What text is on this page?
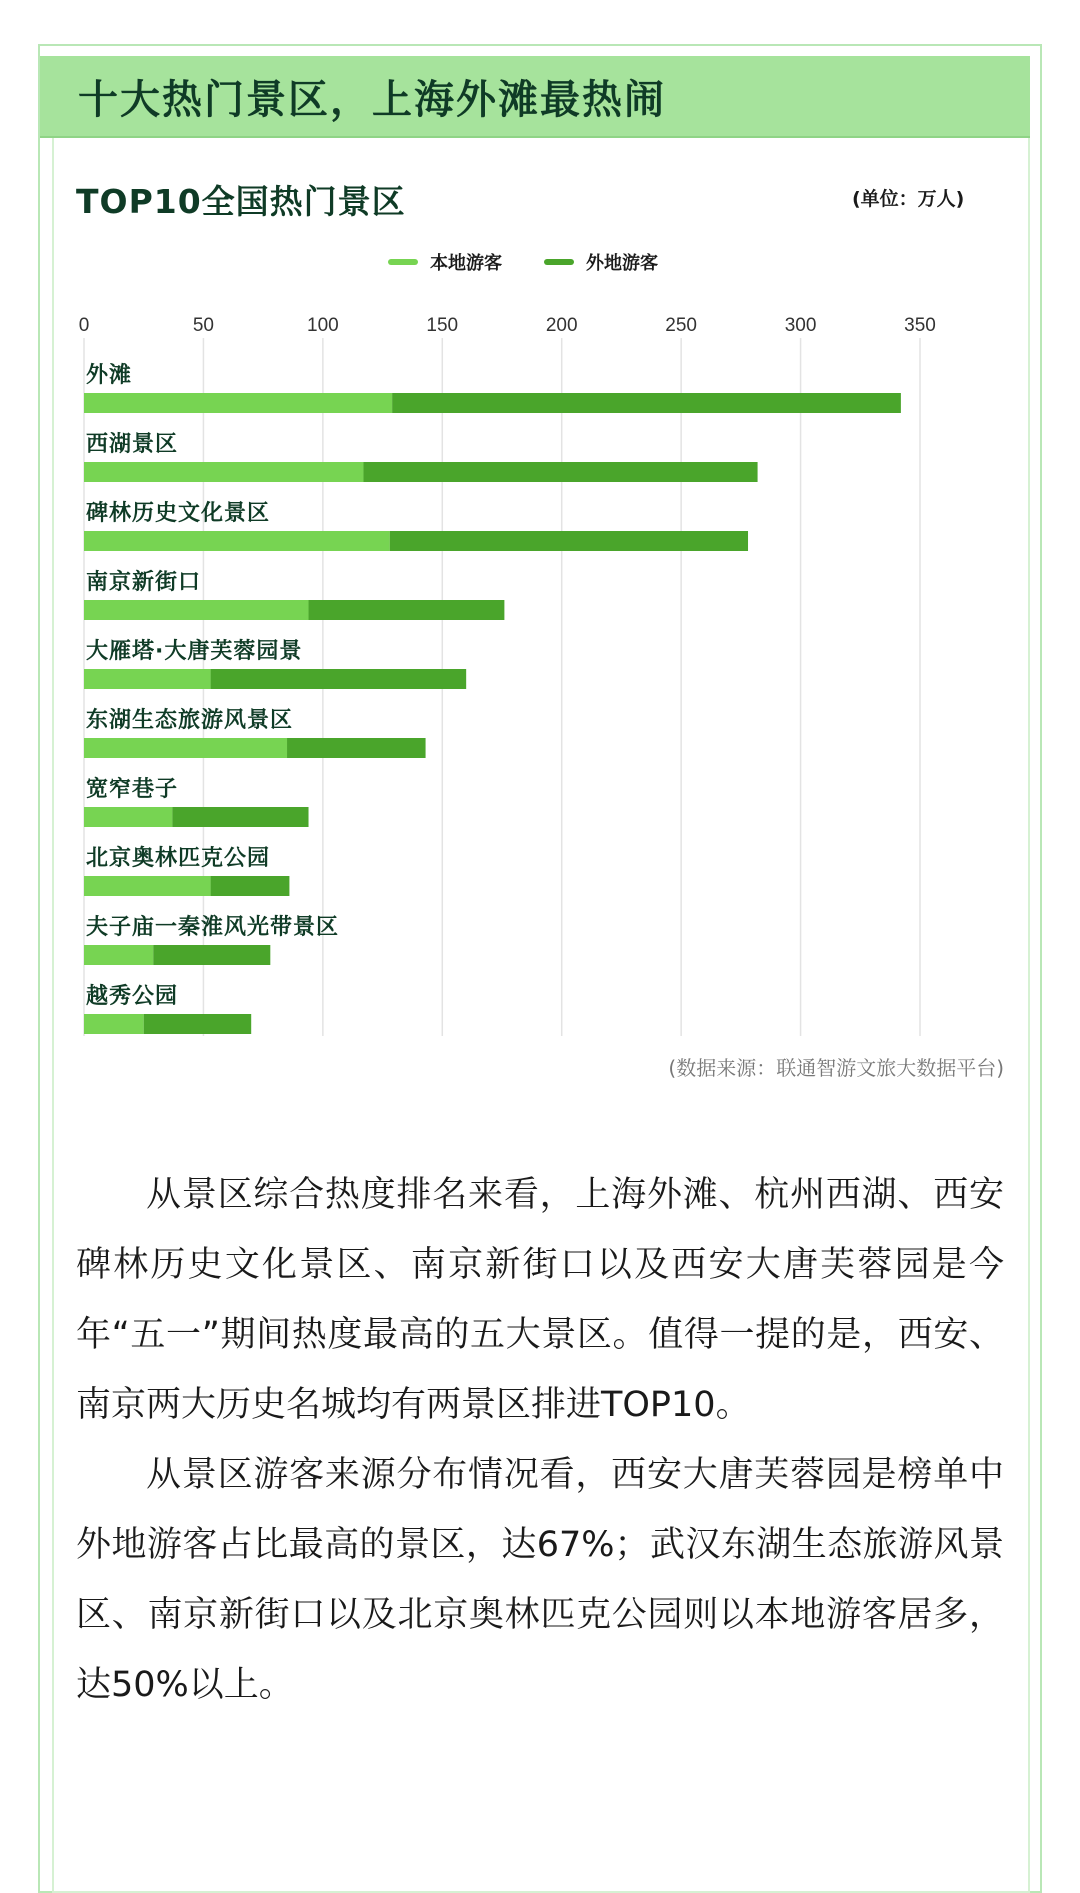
十大热门景区，上海外滩最热闹
TOP10全国热门景区	(单位：万人)
本地游客	外地游客
0	50	100	150	200	250	300	350
外滩
西湖景区
碑林历史文化景区
南京新街口
大雁塔·大唐芙蓉园景
东湖生态旅游风景区
宽窄巷子
北京奥林匹克公园
夫子庙一秦淮风光带景区
越秀公园
(数据来源：联通智游文旅大数据平台)

从景区综合热度排名来看，上海外滩、杭州西湖、西安碑林历史文化景区、南京新街口以及西安大唐芙蓉园是今年“五一”期间热度最高的五大景区。值得一提的是，西安、南京两大历史名城均有两景区排进TOP10。

从景区游客来源分布情况看，西安大唐芙蓉园是榜单中外地游客占比最高的景区，达67%；武汉东湖生态旅游风景区、南京新街口以及北京奥林匹克公园则以本地游客居多，达50%以上。
